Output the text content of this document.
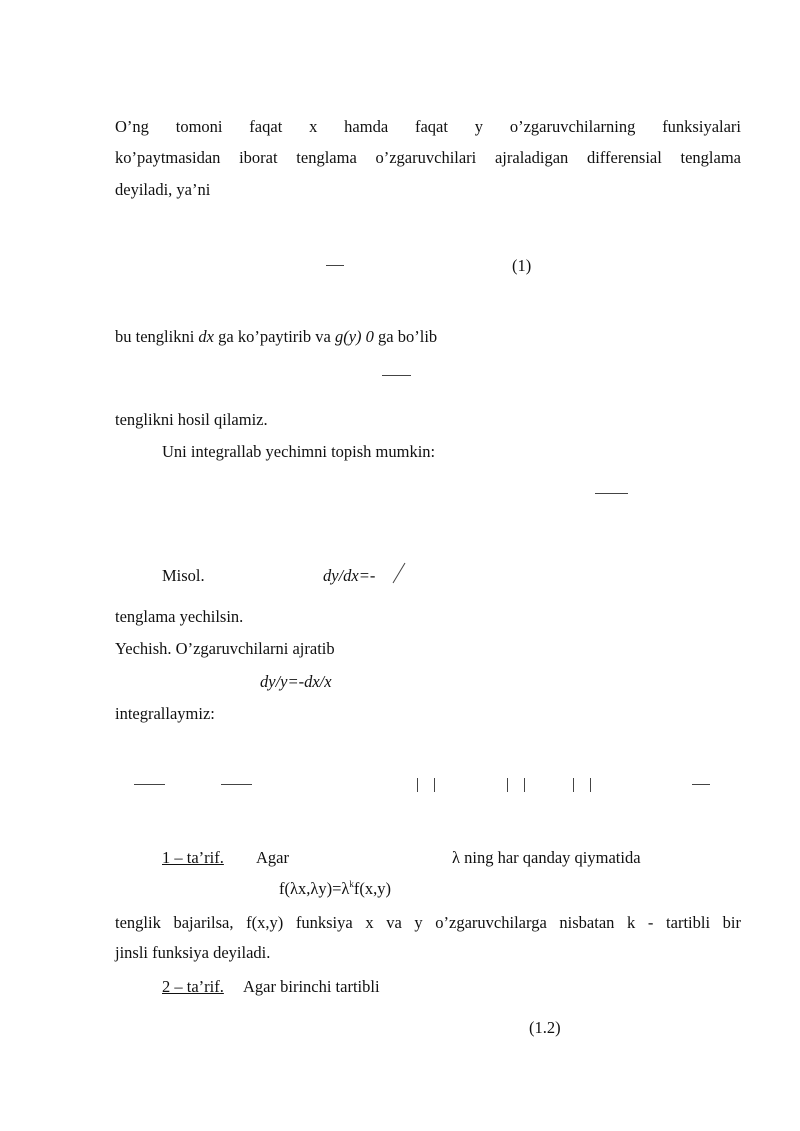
O’ng tomoni faqat x hamda faqat y o’zgaruvchilarning funksiyalari
ko’paytmasidan iborat tenglama o’zgaruvchilari ajraladigan differensial tenglama
deyiladi, ya’ni
(1)
bu tenglikni dx ga ko’paytirib va g(y) 0 ga bo’lib
tenglikni hosil qilamiz.
Uni integrallab yechimni topish mumkin:
Misol.	dy/dx=-
tenglama yechilsin.
Yechish. O’zgaruvchilarni ajratib
dy/y=-dx/x
integrallaymiz:
1 – ta’rif. Agar	λ ning har qanday qiymatida
$f(\lambda x,\lambda y)=\lambda^kf(x,y)$
tenglik bajarilsa, f(x,y) funksiya x va y o’zgaruvchilarga nisbatan k - tartibli bir
jinsli funksiya deyiladi.
2 – ta’rif. Agar birinchi tartibli
(1.2)
